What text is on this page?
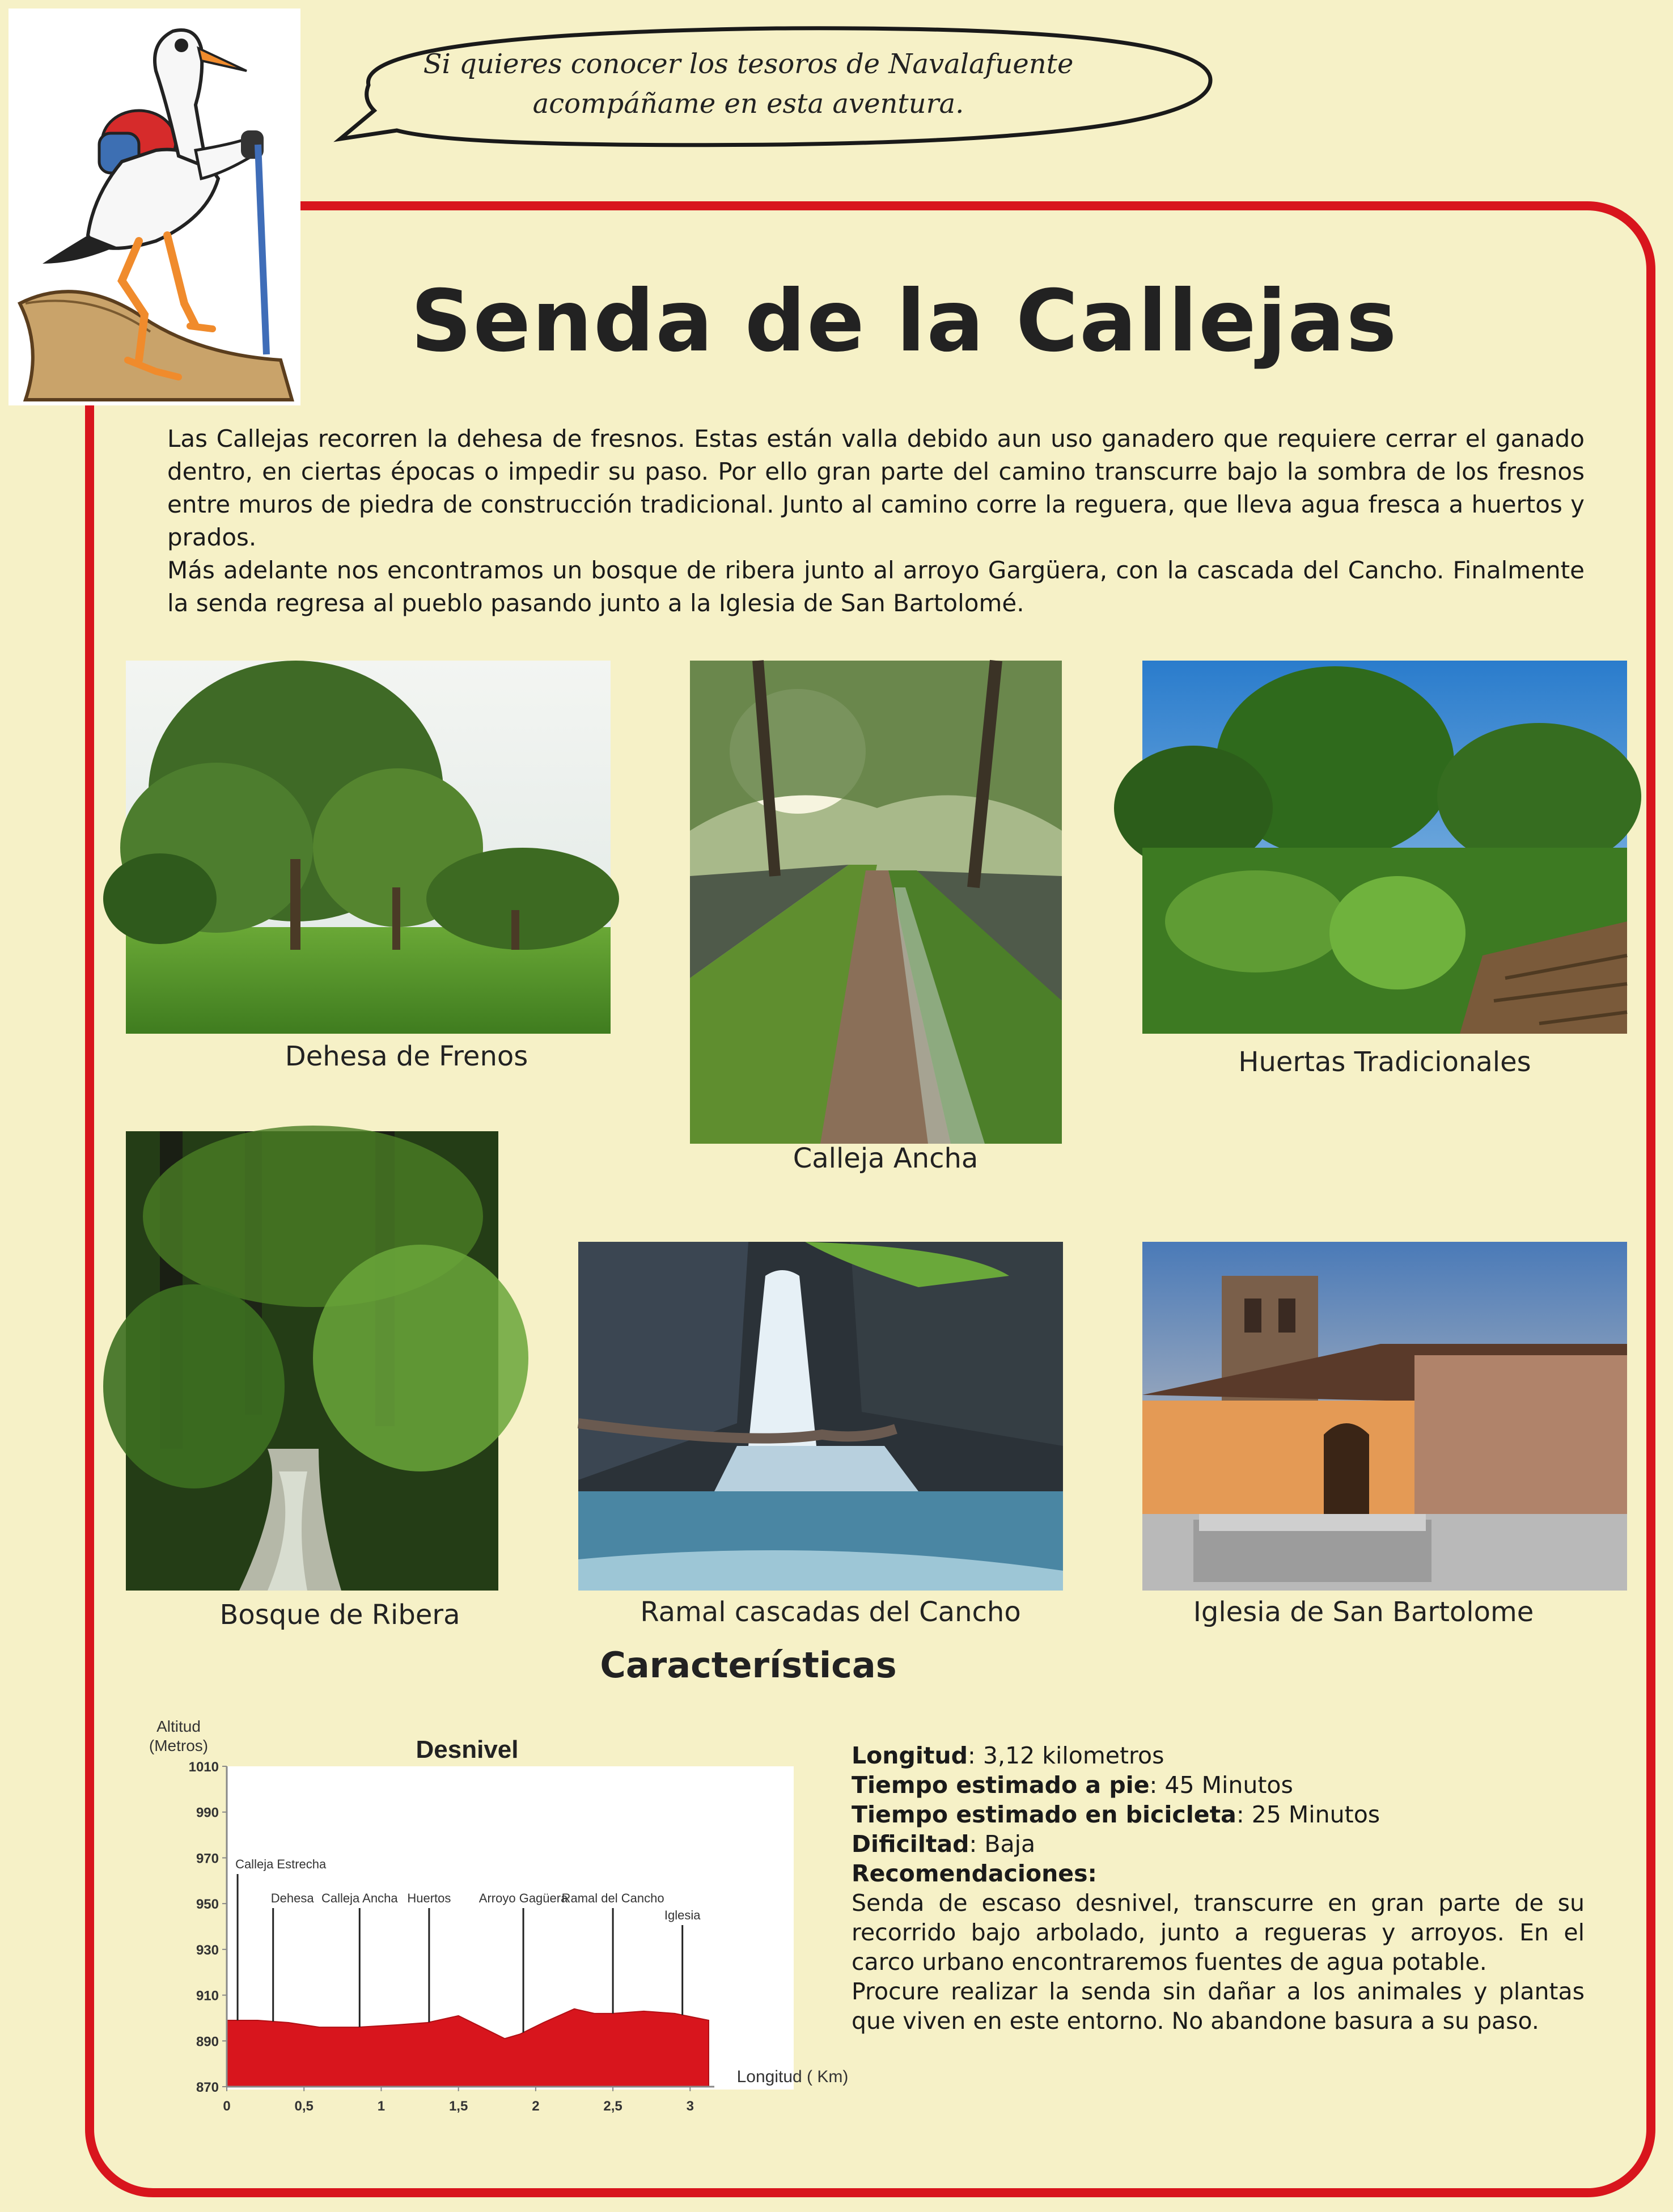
Si quieres conocer los tesoros de Navalafuente
acompáñame en esta aventura.
Senda de la Callejas

Las Callejas recorren la dehesa de fresnos. Estas están valla debido aun uso ganadero que requiere cerrar el ganado dentro, en ciertas épocas o impedir su paso. Por ello gran parte del camino transcurre bajo la sombra de los fresnos entre muros de piedra de construcción tradicional. Junto al camino corre la reguera, que lleva agua fresca a huertos y prados.

Más adelante nos encontramos un bosque de ribera junto al arroyo Gargüera, con la cascada del Cancho. Finalmente la senda regresa al pueblo pasando junto a la Iglesia de San Bartolomé.

Dehesa de Frenos
Calleja Ancha
Huertas Tradicionales
Bosque de Ribera	Ramal cascadas del Cancho	Iglesia de San Bartolome
Características
Altitud
(Metros)	Desnivel
870
890
910
930
950
970
990
1010
0	0,5	1	1,5	2	2,5	3
Calleja Estrecha
Dehesa Calleja Ancha Huertos Arroyo Gagüera
Ramal del Cancho
Iglesia
Longitud ( Km)
Longitud: 3,12 kilometros
Tiempo estimado a pie: 45 Minutos
Tiempo estimado en bicicleta: 25 Minutos
Dificiltad: Baja
Recomendaciones:
Senda de escaso desnivel, transcurre en gran parte de su recorrido bajo arbolado, junto a regueras y arroyos. En el carco urbano encontraremos fuentes de agua potable.
Procure realizar la senda sin dañar a los animales y plantas que viven en este entorno. No abandone basura a su paso.
